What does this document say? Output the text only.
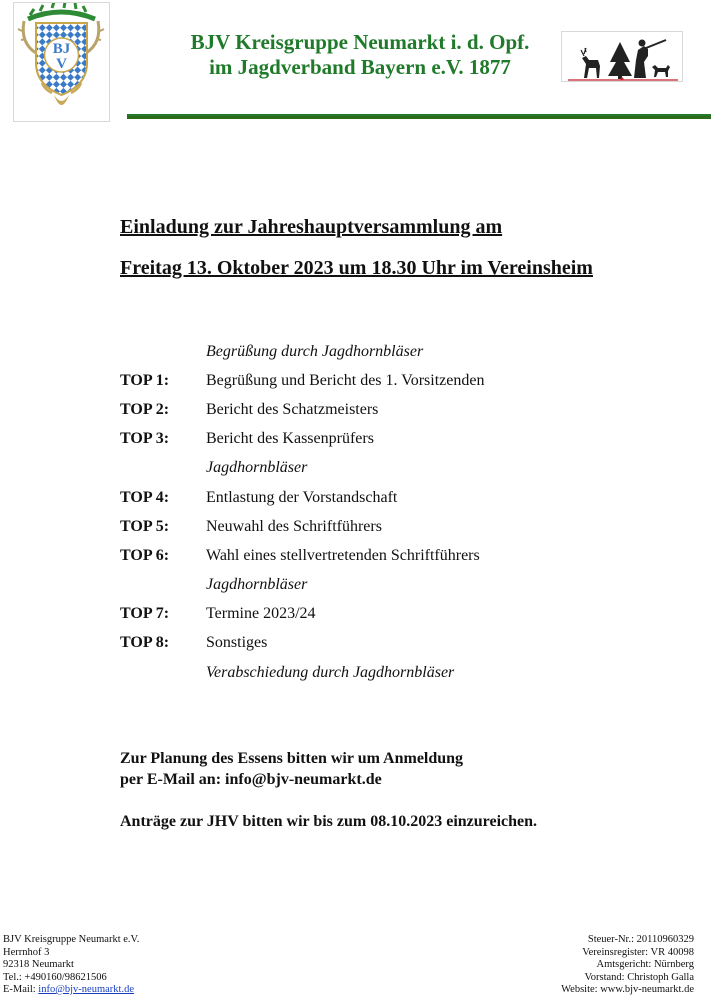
BJ
V
BJV Kreisgruppe Neumarkt i. d. Opf.
im Jagdverband Bayern e.V. 1877
Einladung zur Jahreshauptversammlung am
Freitag 13. Oktober 2023 um 18.30 Uhr im Vereinsheim
Begrüßung durch Jagdhornbläser
TOP 1:	Begrüßung und Bericht des 1. Vorsitzenden
TOP 2:	Bericht des Schatzmeisters
TOP 3:	Bericht des Kassenprüfers
Jagdhornbläser
TOP 4:	Entlastung der Vorstandschaft
TOP 5:	Neuwahl des Schriftführers
TOP 6:	Wahl eines stellvertretenden Schriftführers
Jagdhornbläser
TOP 7:	Termine 2023/24
TOP 8:	Sonstiges
Verabschiedung durch Jagdhornbläser
Zur Planung des Essens bitten wir um Anmeldung
per E-Mail an: info@bjv-neumarkt.de
Anträge zur JHV bitten wir bis zum 08.10.2023 einzureichen.
BJV Kreisgruppe Neumarkt e.V.
Herrnhof 3
92318 Neumarkt
Tel.: +490160/98621506
E-Mail: info@bjv-neumarkt.de
Steuer-Nr.: 20110960329
Vereinsregister: VR 40098
Amtsgericht: Nürnberg
Vorstand: Christoph Galla
Website: www.bjv-neumarkt.de
